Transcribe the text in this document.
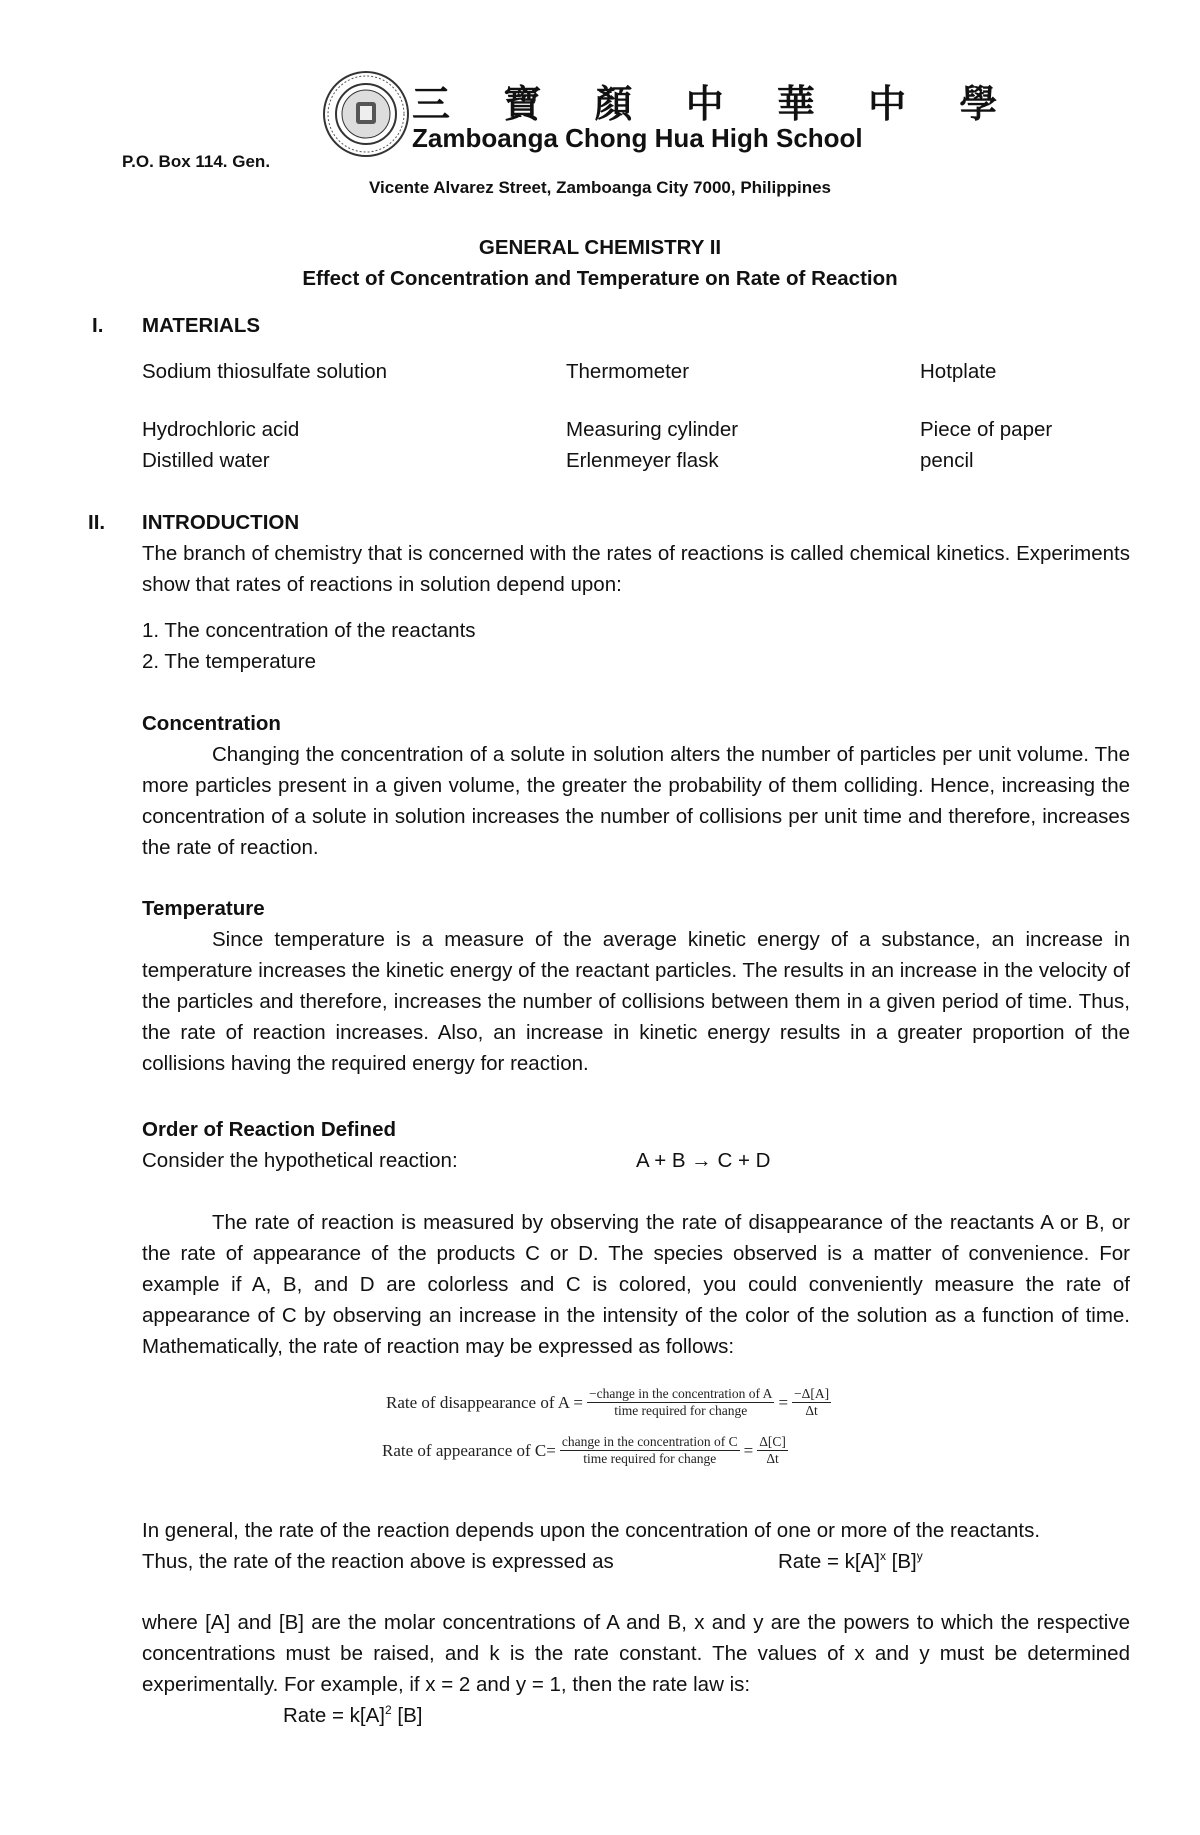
三 寶 顏 中 華 中 學
Zamboanga Chong Hua High School
P.O. Box 114. Gen.
Vicente Alvarez Street, Zamboanga City 7000, Philippines
GENERAL CHEMISTRY II
Effect of Concentration and Temperature on Rate of Reaction
I. MATERIALS
Sodium thiosulfate solution	Thermometer	Hotplate
Hydrochloric acid	Measuring cylinder	Piece of paper
Distilled water	Erlenmeyer flask	pencil
II. INTRODUCTION
The branch of chemistry that is concerned with the rates of reactions is called chemical kinetics. Experiments show that rates of reactions in solution depend upon:
1. The concentration of the reactants
2. The temperature
Concentration
Changing the concentration of a solute in solution alters the number of particles per unit volume. The more particles present in a given volume, the greater the probability of them colliding. Hence, increasing the concentration of a solute in solution increases the number of collisions per unit time and therefore, increases the rate of reaction.
Temperature
Since temperature is a measure of the average kinetic energy of a substance, an increase in temperature increases the kinetic energy of the reactant particles. The results in an increase in the velocity of the particles and therefore, increases the number of collisions between them in a given period of time. Thus, the rate of reaction increases. Also, an increase in kinetic energy results in a greater proportion of the collisions having the required energy for reaction.
Order of Reaction Defined
Consider the hypothetical reaction:	A + B → C + D
The rate of reaction is measured by observing the rate of disappearance of the reactants A or B, or the rate of appearance of the products C or D. The species observed is a matter of convenience. For example if A, B, and D are colorless and C is colored, you could conveniently measure the rate of appearance of C by observing an increase in the intensity of the color of the solution as a function of time. Mathematically, the rate of reaction may be expressed as follows:
Rate of disappearance of $A = \frac{\text{−change in the concentration of A}}{\text{time required for change}} = \frac{-\Delta[A]}{\Delta t}$
Rate of appearance of $C= \frac{\text{change in the concentration of C}}{\text{time required for change}} = \frac{\Delta[C]}{\Delta t}$
In general, the rate of the reaction depends upon the concentration of one or more of the reactants.
Thus, the rate of the reaction above is expressed as	Rate = $k[A]^x$ $[B]^y$
where [A] and [B] are the molar concentrations of A and B, x and y are the powers to which the respective concentrations must be raised, and k is the rate constant. The values of x and y must be determined experimentally. For example, if x = 2 and y = 1, then the rate law is:
Rate = $k[A]^2$ [B]
